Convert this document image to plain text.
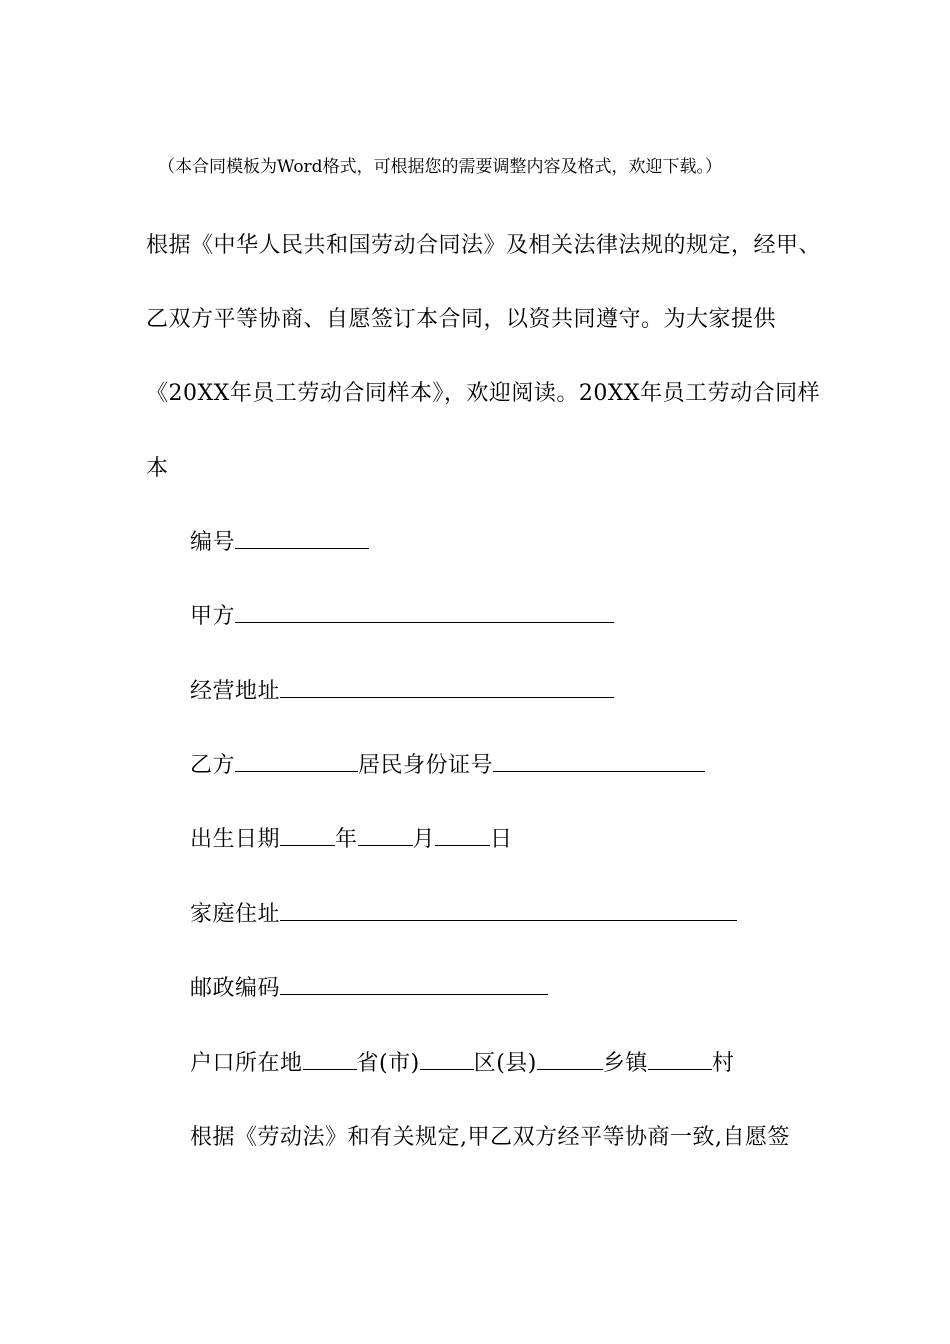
（本合同模板为Word格式，可根据您的需要调整内容及格式，欢迎下载。）
根据《中华人民共和国劳动合同法》及相关法律法规的规定，经甲、
乙双方平等协商、自愿签订本合同，以资共同遵守。为大家提供
《20XX年员工劳动合同样本》，欢迎阅读。20XX年员工劳动合同样
本
编号
甲方
经营地址
乙方	居民身份证号
出生日期	年	月	日
家庭住址
邮政编码
户口所在地 省(市) 区(县)	乡镇	村
根据《劳动法》和有关规定,甲乙双方经平等协商一致,自愿签
